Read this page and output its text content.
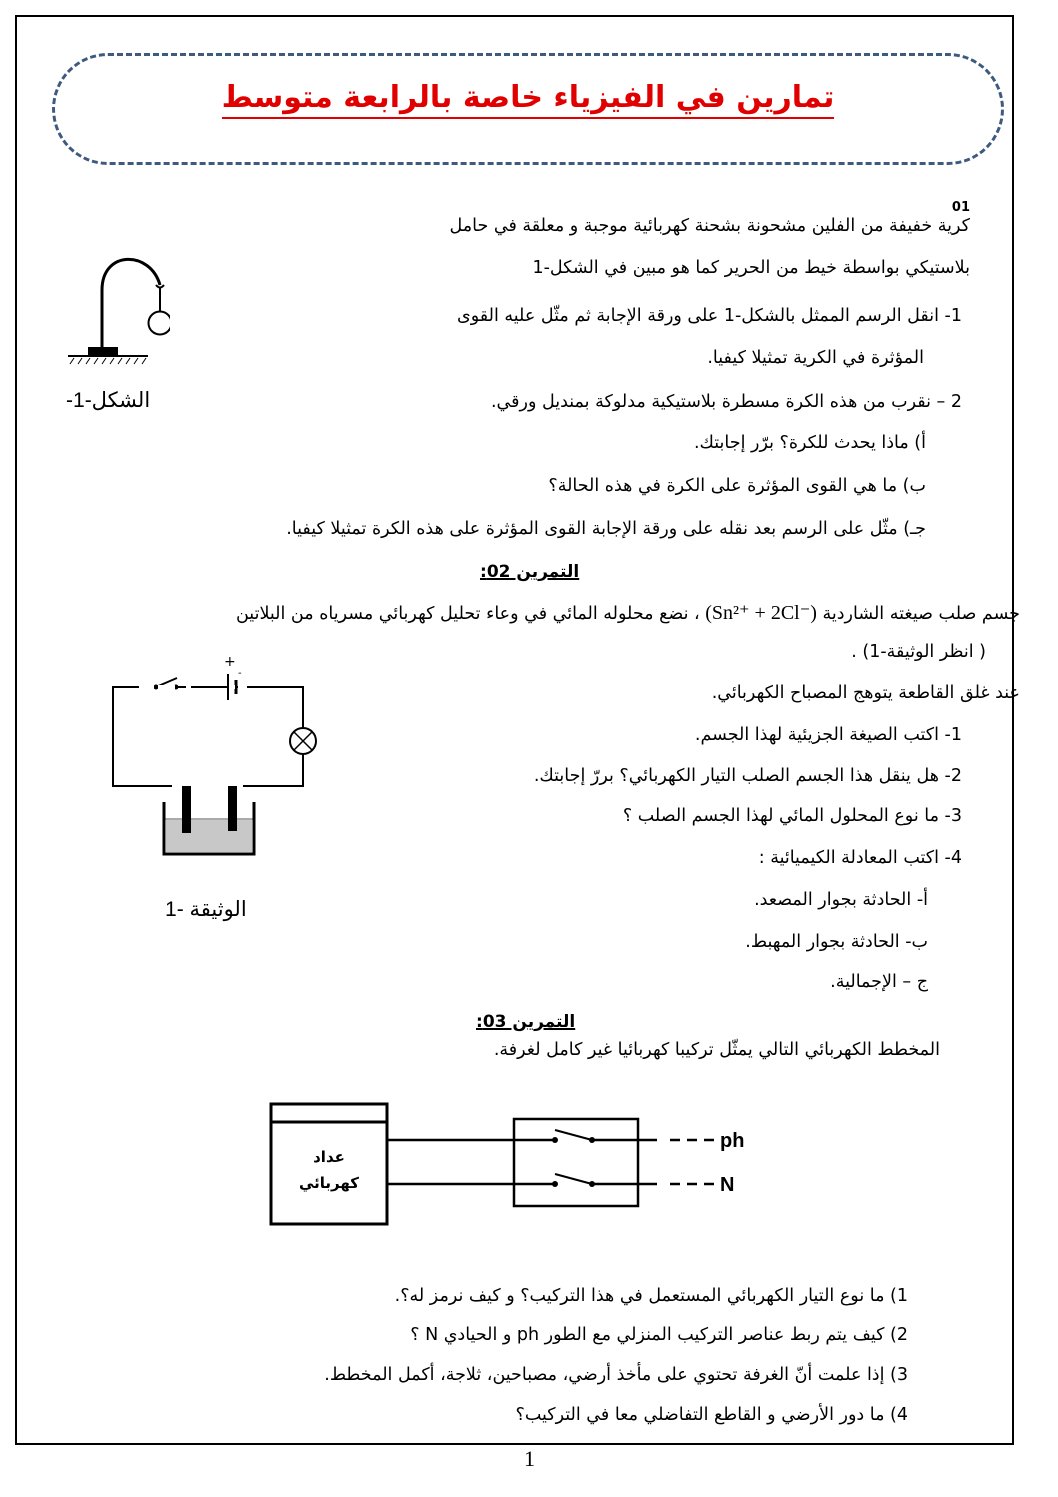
تمارين في الفيزياء خاصة بالرابعة متوسط
01
كرية خفيفة من الفلين مشحونة بشحنة كهربائية موجبة و معلقة في حامل
بلاستيكي بواسطة خيط من الحرير كما هو مبين في الشكل-1
1- انقل الرسم الممثل بالشكل-1 على ورقة الإجابة ثم مثّل عليه القوى
المؤثرة في الكرية تمثيلا كيفيا.
2 – نقرب من هذه الكرة مسطرة بلاستيكية مدلوكة بمنديل ورقي.
أ) ماذا يحدث للكرة؟ برّر إجابتك.
ب) ما هي القوى المؤثرة على الكرة في هذه الحالة؟
جـ) مثّل على الرسم بعد نقله على ورقة الإجابة القوى المؤثرة على هذه الكرة تمثيلا كيفيا.
الشكل-1-
التمرين 02:
جسم صلب صيغته الشاردية (Sn²⁺ + 2Cl⁻) ، نضع محلوله المائي في وعاء تحليل كهربائي مسرياه من البلاتين
( انظر الوثيقة-1) .
عند غلق القاطعة يتوهج المصباح الكهربائي.
1- اكتب الصيغة الجزيئية لهذا الجسم.
2- هل ينقل هذا الجسم الصلب التيار الكهربائي؟ بررّ إجابتك.
3- ما نوع المحلول المائي لهذا الجسم الصلب ؟
4- اكتب المعادلة الكيميائية :
أ- الحادثة بجوار المصعد.
ب- الحادثة بجوار المهبط.
ج – الإجمالية.
+
-
الوثيقة -1
التمرين 03:
المخطط الكهربائي التالي يمثّل تركيبا كهربائيا غير كامل لغرفة.
عداد
كهربائي
ph
N
1) ما نوع التيار الكهربائي المستعمل في هذا التركيب؟ و كيف نرمز له؟.
2) كيف يتم ربط عناصر التركيب المنزلي مع الطور ph و الحيادي N ؟
3) إذا علمت أنّ الغرفة تحتوي على مأخذ أرضي، مصباحين، ثلاجة، أكمل المخطط.
4) ما دور الأرضي و القاطع التفاضلي معا في التركيب؟
1
